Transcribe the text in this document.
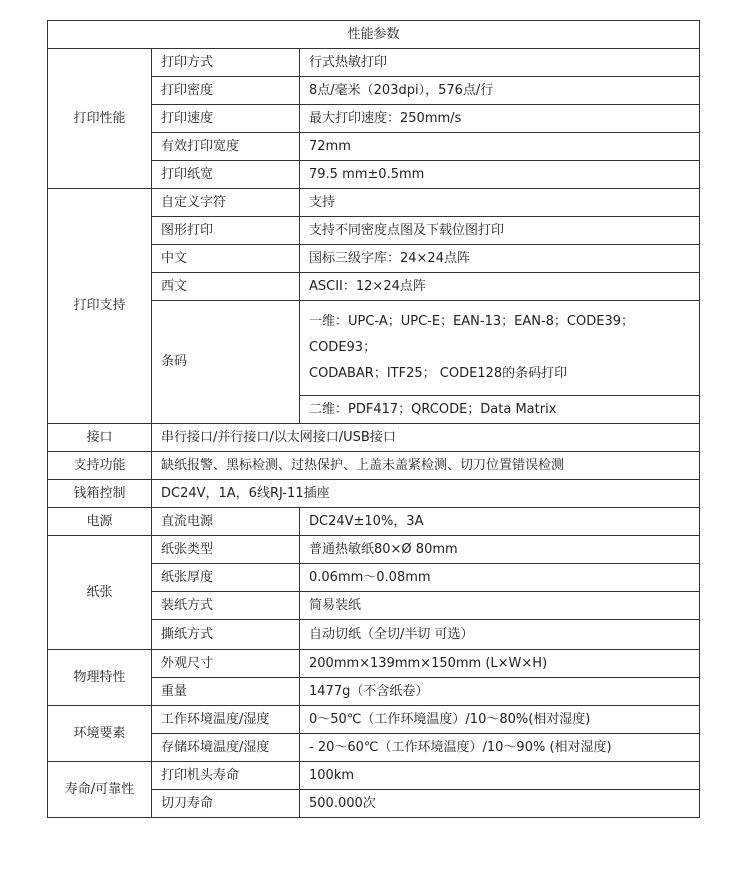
性能参数		
打印性能	打印方式	行式热敏打印
	打印密度	8点/毫米（203dpi），576点/行
	打印速度	最大打印速度：250mm/s
	有效打印宽度	72mm
	打印纸宽	79.5 mm±0.5mm
打印支持	自定义字符	支持
	图形打印	支持不同密度点图及下载位图打印
	中文	国标三级字库：24×24点阵
	西文	ASCII：12×24点阵
	条码	一维：UPC-A；UPC-E；EAN-13；EAN-8；CODE39；
CODE93；
CODABAR；ITF25； CODE128的条码打印

		二维：PDF417；QRCODE；Data Matrix
接口	串行接口/并行接口/以太网接口/USB接口	
支持功能	缺纸报警、黑标检测、过热保护、上盖未盖紧检测、切刀位置错误检测	
钱箱控制	DC24V，1A，6线RJ-11插座	
电源	直流电源	DC24V±10%，3A
纸张	纸张类型	普通热敏纸80×Ø 80mm
	纸张厚度	0.06mm～0.08mm
	装纸方式	简易装纸
	撕纸方式	自动切纸（全切/半切 可选）
物理特性	外观尺寸	200mm×139mm×150mm (L×W×H)
	重量	1477g（不含纸卷）
环境要素	工作环境温度/湿度	0～50℃（工作环境温度）/10～80%(相对湿度)
	存储环境温度/湿度	- 20～60℃（工作环境温度）/10～90% (相对湿度)
寿命/可靠性	打印机头寿命	100km
	切刀寿命	500.000次
